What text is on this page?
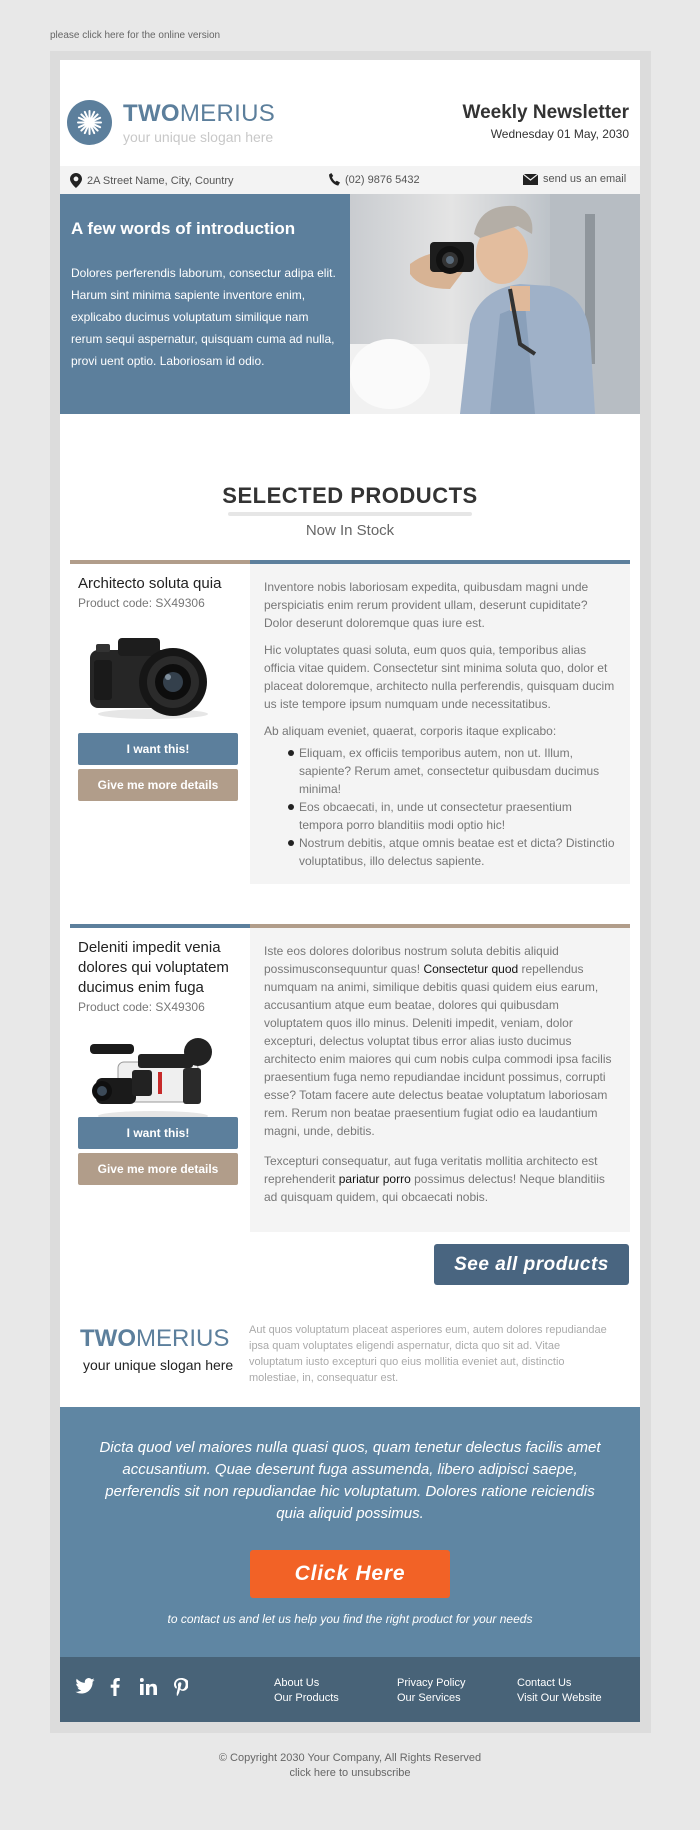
please click here for the online version
TWOMERIUS
your unique slogan here
Weekly Newsletter
Wednesday 01 May, 2030
2A Street Name, City, Country	(02) 9876 5432	send us an email
A few words of introduction

Dolores perferendis laborum, consectur adipa elit. Harum sint minima sapiente inventore enim, explicabo ducimus voluptatum similique nam rerum sequi aspernatur, quisquam cuma ad nulla, provi uent optio. Laboriosam id odio.

SELECTED PRODUCTS
Now In Stock
Architecto soluta quia
Product code: SX49306
I want this!
Give me more details

Inventore nobis laboriosam expedita, quibusdam magni unde perspiciatis enim rerum provident ullam, deserunt cupiditate? Dolor deserunt doloremque quas iure est.

Hic voluptates quasi soluta, eum quos quia, temporibus alias officia vitae quidem. Consectetur sint minima soluta quo, dolor et placeat doloremque, architecto nulla perferendis, quisquam ducim us iste tempore ipsum numquam unde necessitatibus.

Ab aliquam eveniet, quaerat, corporis itaque explicabo:

Eliquam, ex officiis temporibus autem, non ut. Illum, sapiente? Rerum amet, consectetur quibusdam ducimus minima!
Eos obcaecati, in, unde ut consectetur praesentium tempora porro blanditiis modi optio hic!
Nostrum debitis, atque omnis beatae est et dicta? Distinctio voluptatibus, illo delectus sapiente.
Deleniti impedit venia dolores qui voluptatem ducimus enim fuga
Product code: SX49306
I want this!
Give me more details

Iste eos dolores doloribus nostrum soluta debitis aliquid possimusconsequuntur quas! Consectetur quod repellendus numquam na animi, similique debitis quasi quidem eius earum, accusantium atque eum beatae, dolores qui quibusdam voluptatem quos illo minus. Deleniti impedit, veniam, dolor excepturi, delectus voluptat tibus error alias iusto ducimus architecto enim maiores qui cum nobis culpa commodi ipsa facilis praesentium fuga nemo repudiandae incidunt possimus, corrupti esse? Totam facere aute delectus beatae voluptatum laboriosam rem. Rerum non beatae praesentium fugiat odio ea laudantium magni, unde, debitis.

Texcepturi consequatur, aut fuga veritatis mollitia architecto est reprehenderit pariatur porro possimus delectus! Neque blanditiis ad quisquam quidem, qui obcaecati nobis.

See all products
TWOMERIUS
your unique slogan here
Aut quos voluptatum placeat asperiores eum, autem dolores repudiandae ipsa quam voluptates eligendi aspernatur, dicta quo sit ad. Vitae voluptatum iusto excepturi quo eius mollitia eveniet aut, distinctio molestiae, in, consequatur est.
Dicta quod vel maiores nulla quasi quos, quam tenetur delectus facilis amet accusantium. Quae deserunt fuga assumenda, libero adipisci saepe, perferendis sit non repudiandae hic voluptatum. Dolores ratione reiciendis quia aliquid possimus.
Click Here
to contact us and let us help you find the right product for your needs
About Us
Our Products
Privacy Policy
Our Services
Contact Us
Visit Our Website
© Copyright 2030 Your Company, All Rights Reserved
click here to unsubscribe
